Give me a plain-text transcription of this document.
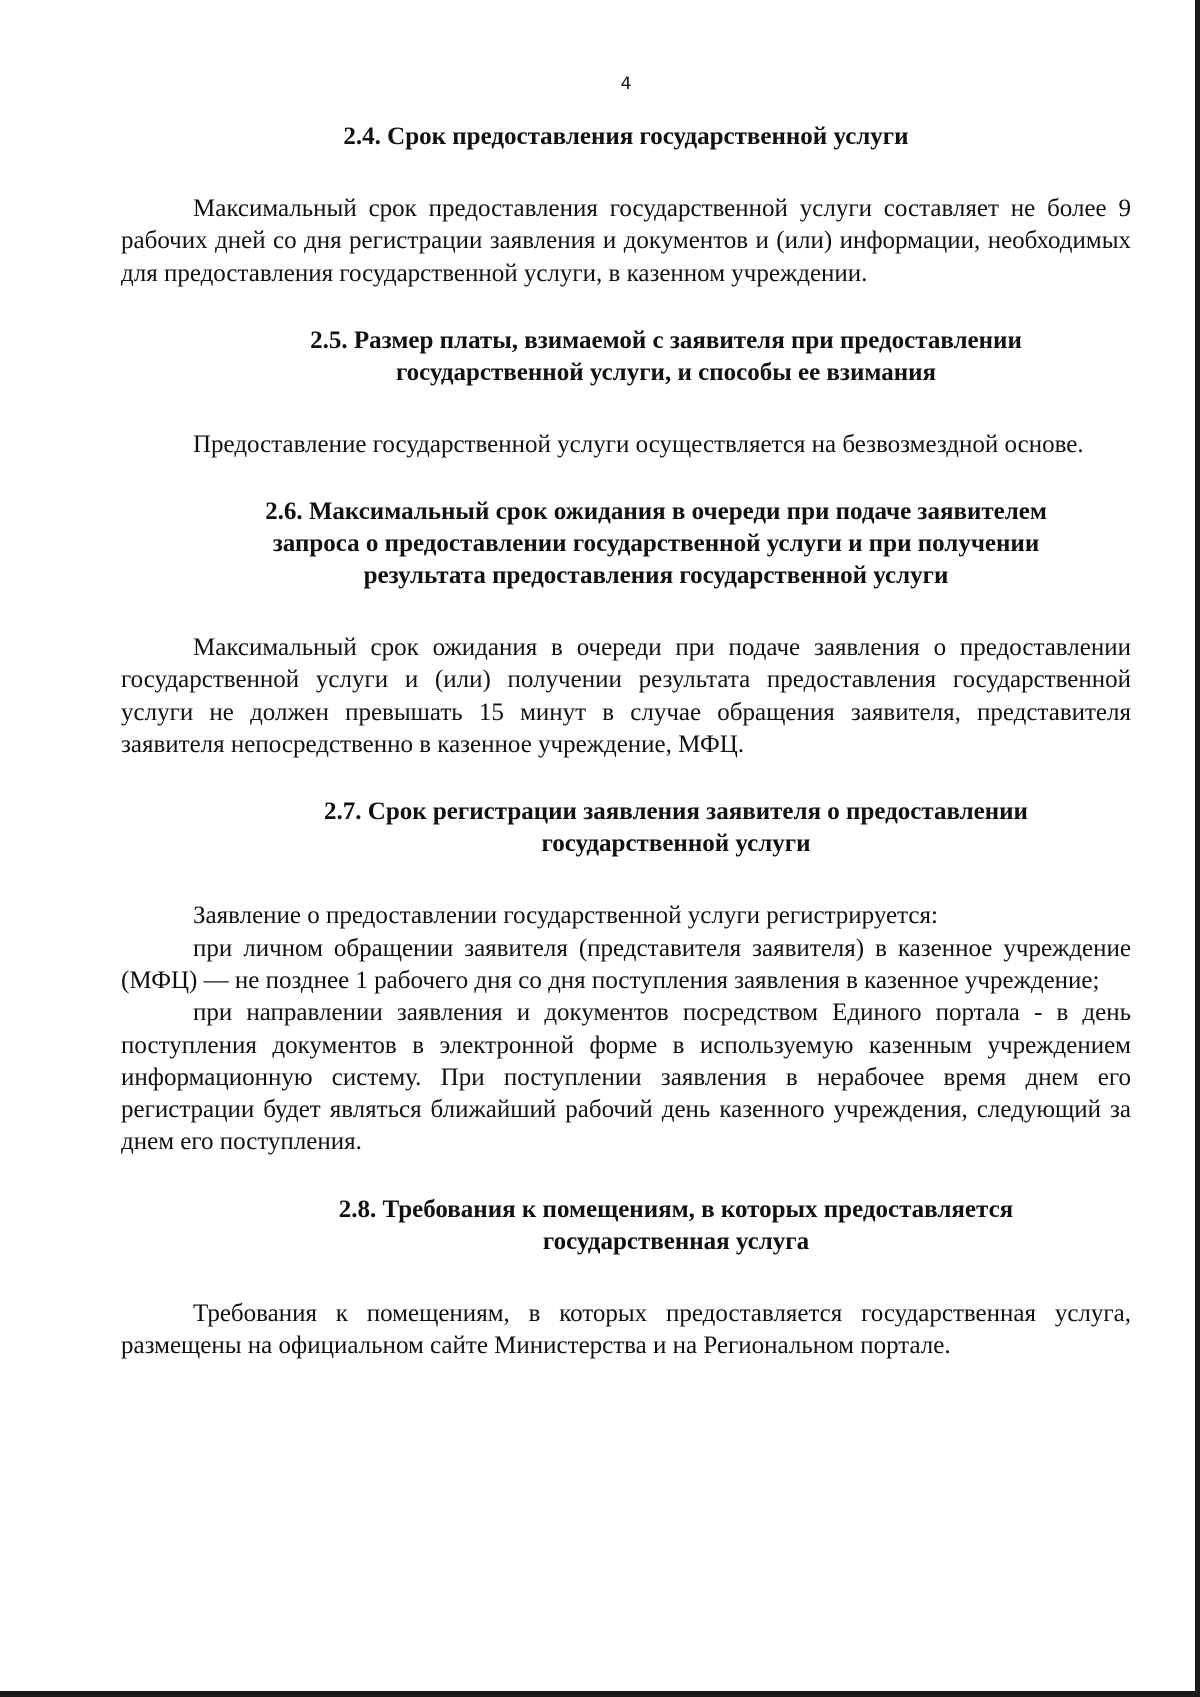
4
2.4. Срок предоставления государственной услуги

Максимальный срок предоставления государственной услуги составляет не более 9 рабочих дней со дня регистрации заявления и документов и (или) информации, необходимых для предоставления государственной услуги, в казенном учреждении.

2.5. Размер платы, взимаемой с заявителя при предоставлении
государственной услуги, и способы ее взимания

Предоставление государственной услуги осуществляется на безвозмездной основе.

2.6. Максимальный срок ожидания в очереди при подаче заявителем
запроса о предоставлении государственной услуги и при получении
результата предоставления государственной услуги

Максимальный срок ожидания в очереди при подаче заявления о предоставлении государственной услуги и (или) получении результата предоставления государственной услуги не должен превышать 15 минут в случае обращения заявителя, представителя заявителя непосредственно в казенное учреждение, МФЦ.

2.7. Срок регистрации заявления заявителя о предоставлении
государственной услуги

Заявление о предоставлении государственной услуги регистрируется:

при личном обращении заявителя (представителя заявителя) в казенное учреждение (МФЦ) — не позднее 1 рабочего дня со дня поступления заявления в казенное учреждение;

при направлении заявления и документов посредством Единого портала - в день поступления документов в электронной форме в используемую казенным учреждением информационную систему. При поступлении заявления в нерабочее время днем его регистрации будет являться ближайший рабочий день казенного учреждения, следующий за днем его поступления.

2.8. Требования к помещениям, в которых предоставляется
государственная услуга

Требования к помещениям, в которых предоставляется государственная услуга, размещены на официальном сайте Министерства и на Региональном портале.
